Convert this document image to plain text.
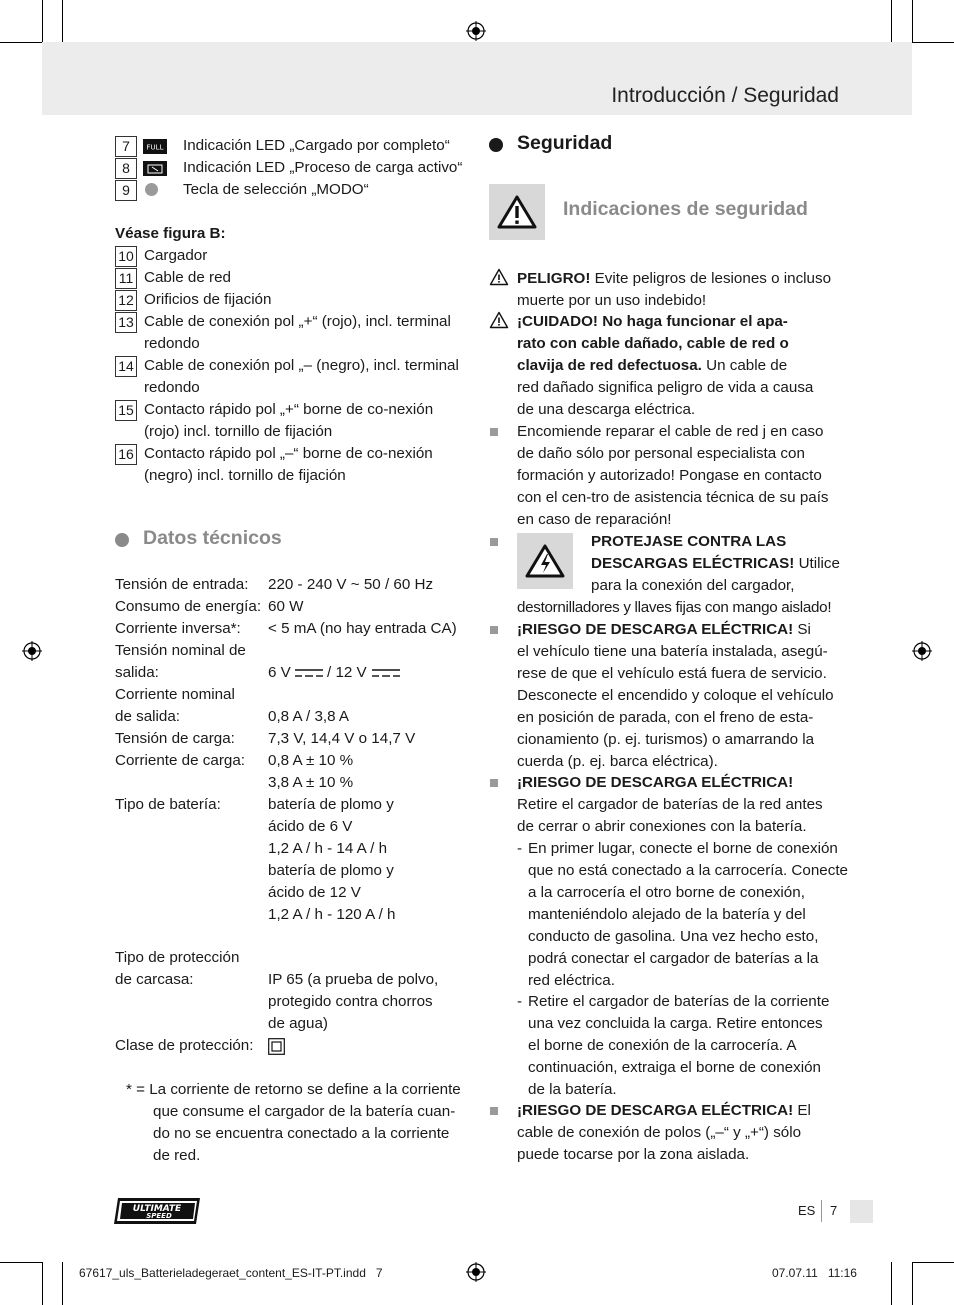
Introducción / Seguridad
7	FULL Indicación LED „Cargado por completo“
8	Indicación LED „Proceso de carga activo“
9	Tecla de selección „MODO“
Véase figura B:
10 Cargador
11 Cable de red
12 Orificios de fijación
13 Cable de conexión pol „+“ (rojo), incl. terminal
redondo
14 Cable de conexión pol „– (negro), incl. terminal
redondo
15 Contacto rápido pol „+“ borne de co-nexión
(rojo) incl. tornillo de fijación
16 Contacto rápido pol „–“ borne de co-nexión
(negro) incl. tornillo de fijación
Datos técnicos
Tensión de entrada: 220 - 240 V ~ 50 / 60 Hz
Consumo de energía: 60 W
Corriente inversa*: < 5 mA (no hay entrada CA)
Tensión nominal de
salida:	6 V / 12 V
Corriente nominal
de salida:	0,8 A / 3,8 A
Tensión de carga: 7,3 V, 14,4 V o 14,7 V
Corriente de carga: 0,8 A ± 10 %
3,8 A ± 10 %
Tipo de batería:	batería de plomo y
ácido de 6 V
1,2 A / h - 14 A / h
batería de plomo y
ácido de 12 V
1,2 A / h - 120 A / h
Tipo de protección
de carcasa:	IP 65 (a prueba de polvo,
protegido contra chorros
de agua)
Clase de protección:
* = La corriente de retorno se define a la corriente
que consume el cargador de la batería cuan-
do no se encuentra conectado a la corriente
de red.
Seguridad
Indicaciones de seguridad
PELIGRO! Evite peligros de lesiones o incluso
muerte por un uso indebido!
¡CUIDADO! No haga funcionar el apa-
rato con cable dañado, cable de red o
clavija de red defectuosa. Un cable de
red dañado significa peligro de vida a causa
de una descarga eléctrica.
Encomiende reparar el cable de red j en caso
de daño sólo por personal especialista con
formación y autorizado! Pongase en contacto
con el cen-tro de asistencia técnica de su país
en caso de reparación!
PROTEJASE CONTRA LAS
DESCARGAS ELÉCTRICAS! Utilice
para la conexión del cargador,
destornilladores y llaves fijas con mango aislado!
¡RIESGO DE DESCARGA ELÉCTRICA! Si
el vehículo tiene una batería instalada, asegú-
rese de que el vehículo está fuera de servicio.
Desconecte el encendido y coloque el vehículo
en posición de parada, con el freno de esta-
cionamiento (p. ej. turismos) o amarrando la
cuerda (p. ej. barca eléctrica).
¡RIESGO DE DESCARGA ELÉCTRICA!
Retire el cargador de baterías de la red antes
de cerrar o abrir conexiones con la batería.
- En primer lugar, conecte el borne de conexión
que no está conectado a la carrocería. Conecte
a la carrocería el otro borne de conexión,
manteniéndolo alejado de la batería y del
conducto de gasolina. Una vez hecho esto,
podrá conectar el cargador de baterías a la
red eléctrica.
- Retire el cargador de baterías de la corriente
una vez concluida la carga. Retire entonces
el borne de conexión de la carrocería. A
continuación, extraiga el borne de conexión
de la batería.
¡RIESGO DE DESCARGA ELÉCTRICA! El
cable de conexión de polos („–“ y „+“) sólo
puede tocarse por la zona aislada.
ULTIMATE
SPEED	ES 7
67617_uls_Batterieladegeraet_content_ES-IT-PT.indd   7	07.07.11   11:16
